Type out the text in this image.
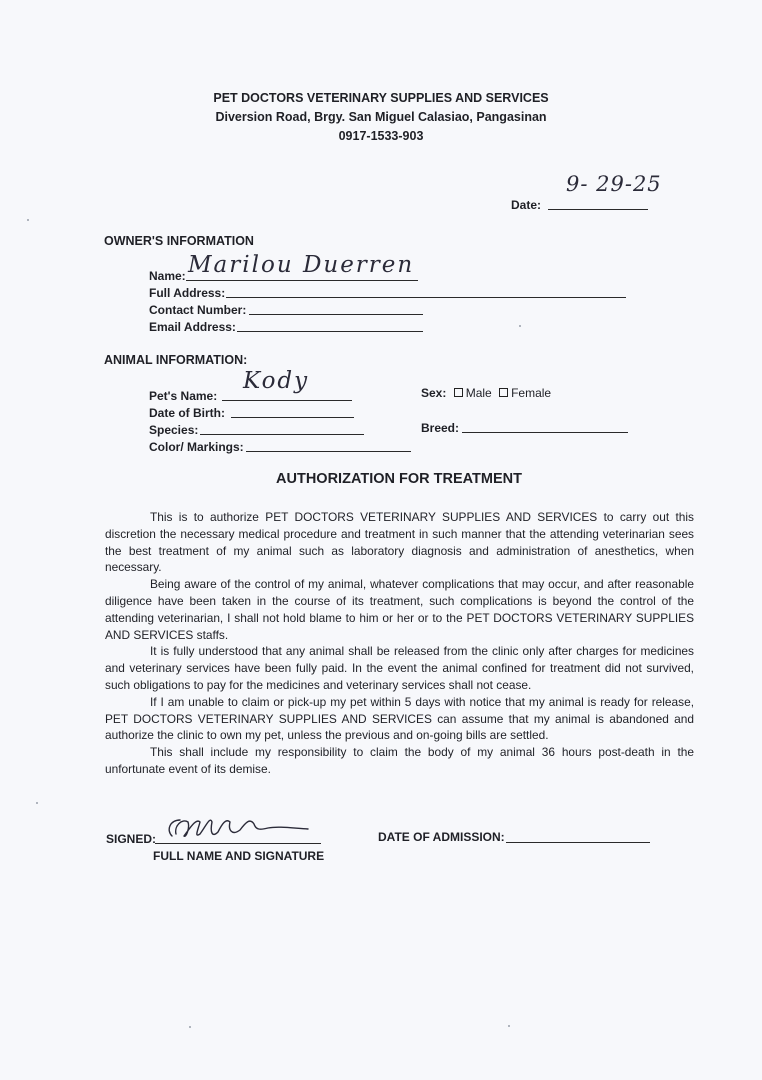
PET DOCTORS VETERINARY SUPPLIES AND SERVICES
Diversion Road, Brgy. San Miguel Calasiao, Pangasinan
0917-1533-903
Date:
9- 29-25
OWNER'S INFORMATION
Name: Marilou Duerren
Full Address:
Contact Number:
Email Address:
ANIMAL INFORMATION:
Pet's Name:
Kody
Date of Birth:
Species:
Color/ Markings:
Sex: Male Female
Breed:
AUTHORIZATION FOR TREATMENT

This is to authorize PET DOCTORS VETERINARY SUPPLIES AND SERVICES to carry out this discretion the necessary medical procedure and treatment in such manner that the attending veterinarian sees the best treatment of my animal such as laboratory diagnosis and administration of anesthetics, when necessary.

Being aware of the control of my animal, whatever complications that may occur, and after reasonable diligence have been taken in the course of its treatment, such complications is beyond the control of the attending veterinarian, I shall not hold blame to him or her or to the PET DOCTORS VETERINARY SUPPLIES AND SERVICES staffs.

It is fully understood that any animal shall be released from the clinic only after charges for medicines and veterinary services have been fully paid. In the event the animal confined for treatment did not survived, such obligations to pay for the medicines and veterinary services shall not cease.

If I am unable to claim or pick-up my pet within 5 days with notice that my animal is ready for release, PET DOCTORS VETERINARY SUPPLIES AND SERVICES can assume that my animal is abandoned and authorize the clinic to own my pet, unless the previous and on-going bills are settled.

This shall include my responsibility to claim the body of my animal 36 hours post-death in the unfortunate event of its demise.

SIGNED:
FULL NAME AND SIGNATURE
DATE OF ADMISSION:
